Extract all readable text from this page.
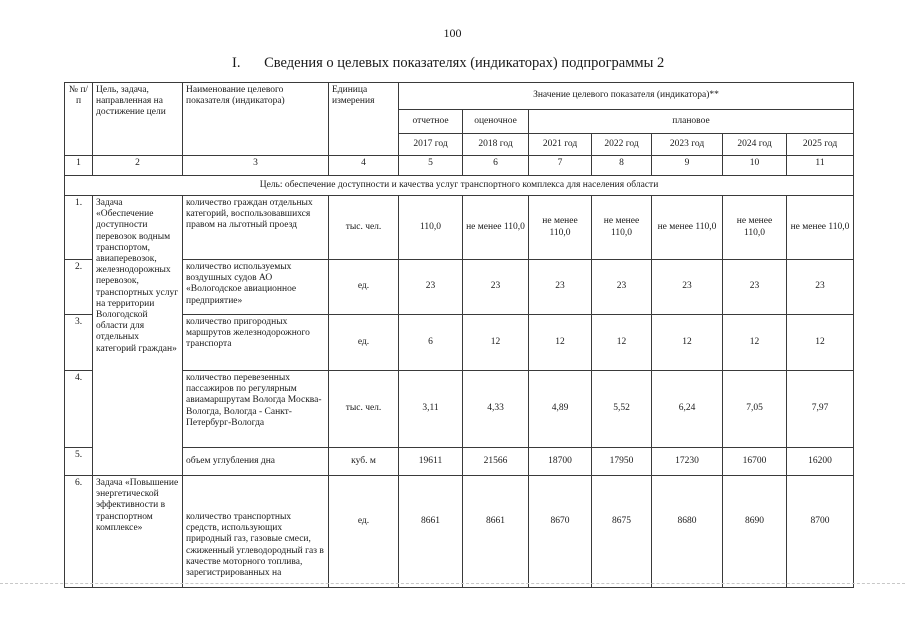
100
I. Сведения о целевых показателях (индикаторах) подпрограммы 2
№ п/п	Цель, задача, направленная на достижение цели	Наименование целевого показателя (индикатора)	Единица измерения	Значение целевого показателя (индикатора)**						
				отчетное	оценочное	плановое				
				2017 год	2018 год	2021 год	2022 год	2023 год	2024 год	2025 год
1	2	3	4	5	6	7	8	9	10	11
Цель: обеспечение доступности и качества услуг транспортного комплекса для населения области										
1.	Задача «Обеспечение доступности перевозок водным транспортом, авиаперевозок, железнодорожных перевозок, транспортных услуг на территории Вологодской области для отдельных категорий граждан»	количество граждан отдельных категорий, воспользовавшихся правом на льготный проезд	тыс. чел.	110,0	не менее 110,0	не менее 110,0	не менее 110,0	не менее 110,0	не менее 110,0	не менее 110,0
2.		количество используемых воздушных судов АО «Вологодское авиационное предприятие»	ед.	23	23	23	23	23	23	23
3.		количество пригородных маршрутов железнодорожного транспорта	ед.	6	12	12	12	12	12	12
4.		количество перевезенных пассажиров по регулярным авиамаршрутам Вологда Москва-Вологда, Вологда - Санкт-Петербург-Вологда	тыс. чел.	3,11	4,33	4,89	5,52	6,24	7,05	7,97
5.		объем углубления дна	куб. м	19611	21566	18700	17950	17230	16700	16200
6.	Задача «Повышение энергетической эффективности в транспортном комплексе»	количество транспортных средств, использующих природный газ, газовые смеси, сжиженный углеводородный газ в качестве моторного топлива, зарегистрированных на	ед.	8661	8661	8670	8675	8680	8690	8700
